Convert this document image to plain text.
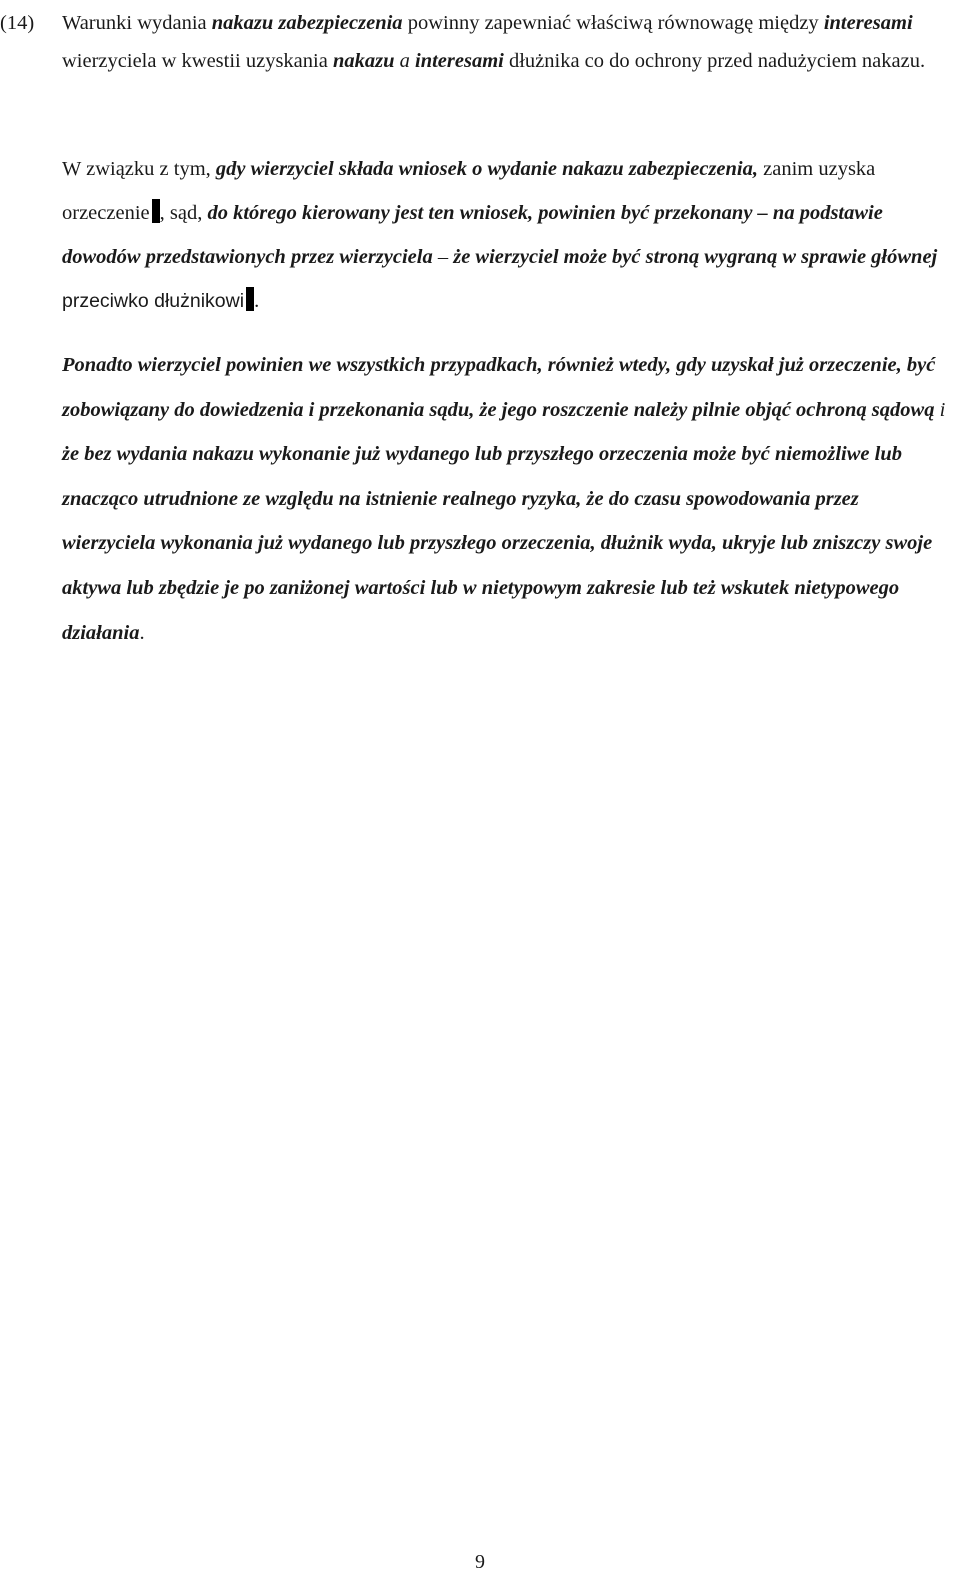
(14) Warunki wydania nakazu zabezpieczenia powinny zapewniać właściwą równowagę między interesami wierzyciela w kwestii uzyskania nakazu a interesami dłużnika co do ochrony przed nadużyciem nakazu.

W związku z tym, gdy wierzyciel składa wniosek o wydanie nakazu zabezpieczenia, zanim uzyska orzeczenie , sąd, do którego kierowany jest ten wniosek, powinien być przekonany – na podstawie dowodów przedstawionych przez wierzyciela – że wierzyciel może być stroną wygraną w sprawie głównej przeciwko dłużnikowi .

Ponadto wierzyciel powinien we wszystkich przypadkach, również wtedy, gdy uzyskał już orzeczenie, być zobowiązany do dowiedzenia i przekonania sądu, że jego roszczenie należy pilnie objąć ochroną sądową i że bez wydania nakazu wykonanie już wydanego lub przyszłego orzeczenia może być niemożliwe lub znacząco utrudnione ze względu na istnienie realnego ryzyka, że do czasu spowodowania przez wierzyciela wykonania już wydanego lub przyszłego orzeczenia, dłużnik wyda, ukryje lub zniszczy swoje aktywa lub zbędzie je po zaniżonej wartości lub w nietypowym zakresie lub też wskutek nietypowego działania.

9
